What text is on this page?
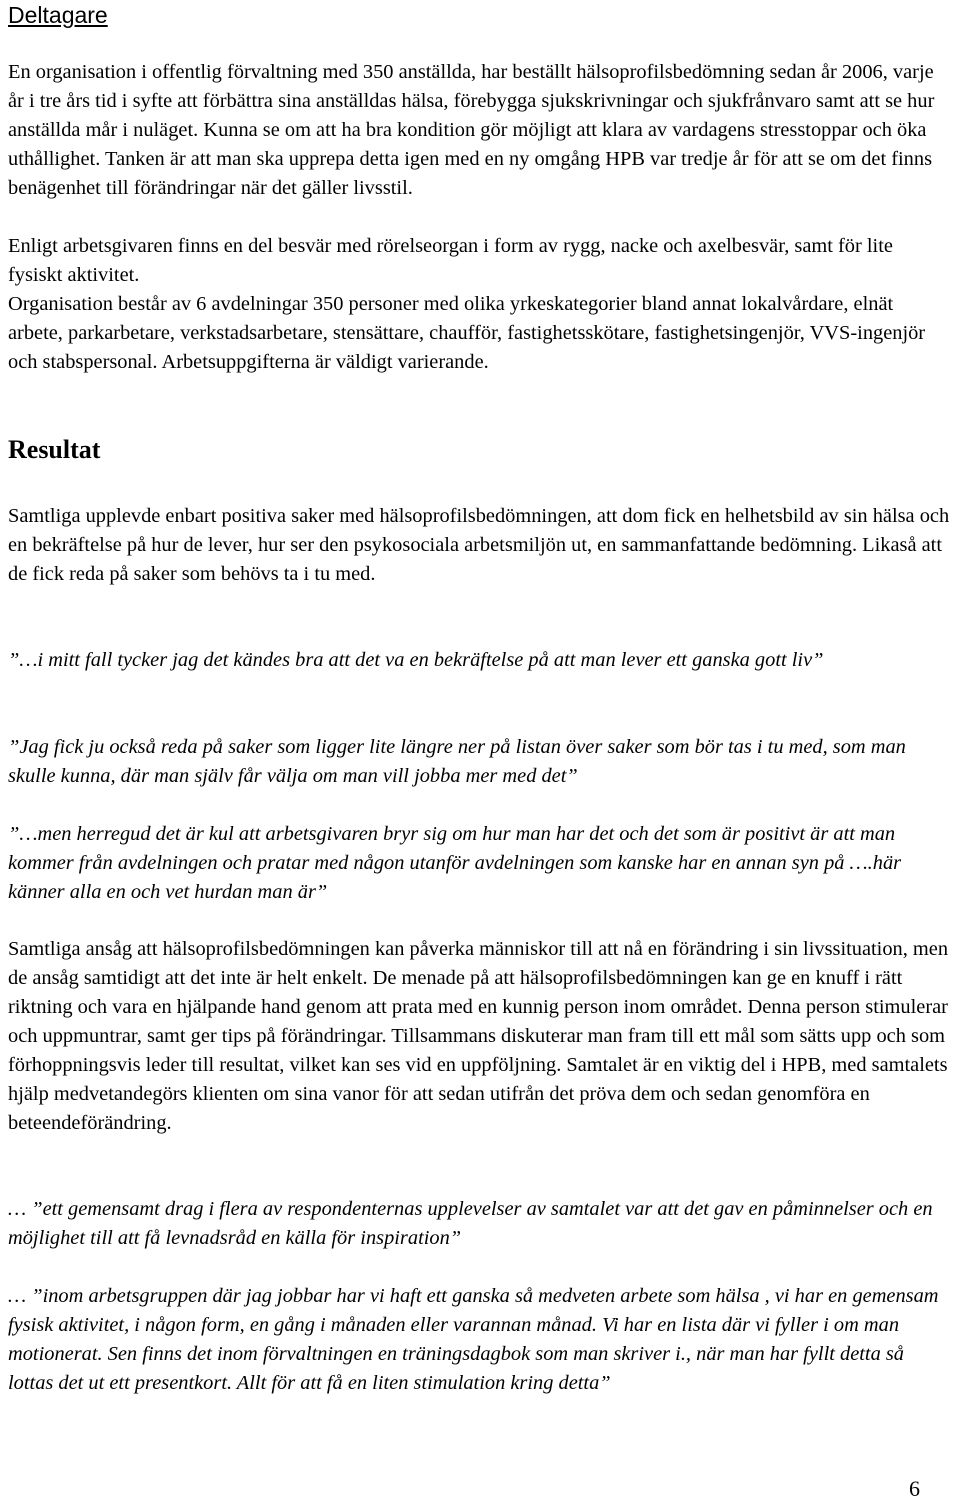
Deltagare

En organisation i offentlig förvaltning med 350 anställda, har beställt hälsoprofilsbedömning sedan år 2006, varje år i tre års tid i syfte att förbättra sina anställdas hälsa, förebygga sjukskrivningar och sjukfrånvaro samt att se hur anställda mår i nuläget. Kunna se om att ha bra kondition gör möjligt att klara av vardagens stresstoppar och öka uthållighet. Tanken är att man ska upprepa detta igen med en ny omgång HPB var tredje år för att se om det finns benägenhet till förändringar när det gäller livsstil.

Enligt arbetsgivaren finns en del besvär med rörelseorgan i form av rygg, nacke och axelbesvär, samt för lite fysiskt aktivitet.

Organisation består av 6 avdelningar 350 personer med olika yrkeskategorier bland annat lokalvårdare, elnät arbete, parkarbetare, verkstadsarbetare, stensättare, chaufför, fastighetsskötare, fastighetsingenjör, VVS-ingenjör och stabspersonal. Arbetsuppgifterna är väldigt varierande.

Resultat

Samtliga upplevde enbart positiva saker med hälsoprofilsbedömningen, att dom fick en helhetsbild av sin hälsa och en bekräftelse på hur de lever, hur ser den psykosociala arbetsmiljön ut, en sammanfattande bedömning. Likaså att de fick reda på saker som behövs ta i tu med.

”…i mitt fall tycker jag det kändes bra att det va en bekräftelse på att man lever ett ganska gott liv”

”Jag fick ju också reda på saker som ligger lite längre ner på listan över saker som bör tas i tu med, som man skulle kunna, där man själv får välja om man vill jobba mer med det”

”…men herregud det är kul att arbetsgivaren bryr sig om hur man har det och det som är positivt är att man kommer från avdelningen och pratar med någon utanför avdelningen som kanske har en annan syn på ….här känner alla en och vet hurdan man är”

Samtliga ansåg att hälsoprofilsbedömningen kan påverka människor till att nå en förändring i sin livssituation, men de ansåg samtidigt att det inte är helt enkelt. De menade på att hälsoprofilsbedömningen kan ge en knuff i rätt riktning och vara en hjälpande hand genom att prata med en kunnig person inom området. Denna person stimulerar och uppmuntrar, samt ger tips på förändringar. Tillsammans diskuterar man fram till ett mål som sätts upp och som förhoppningsvis leder till resultat, vilket kan ses vid en uppföljning. Samtalet är en viktig del i HPB, med samtalets hjälp medvetandegörs klienten om sina vanor för att sedan utifrån det pröva dem och sedan genomföra en beteendeförändring.

… ”ett gemensamt drag i flera av respondenternas upplevelser av samtalet var att det gav en påminnelser och en möjlighet till att få levnadsråd en källa för inspiration”

… ”inom arbetsgruppen där jag jobbar har vi haft ett ganska så medveten arbete som hälsa , vi har en gemensam fysisk aktivitet, i någon form, en gång i månaden eller varannan månad. Vi har en lista där vi fyller i om man motionerat. Sen finns det inom förvaltningen en träningsdagbok som man skriver i., när man har fyllt detta så lottas det ut ett presentkort. Allt för att få en liten stimulation kring detta”

6
